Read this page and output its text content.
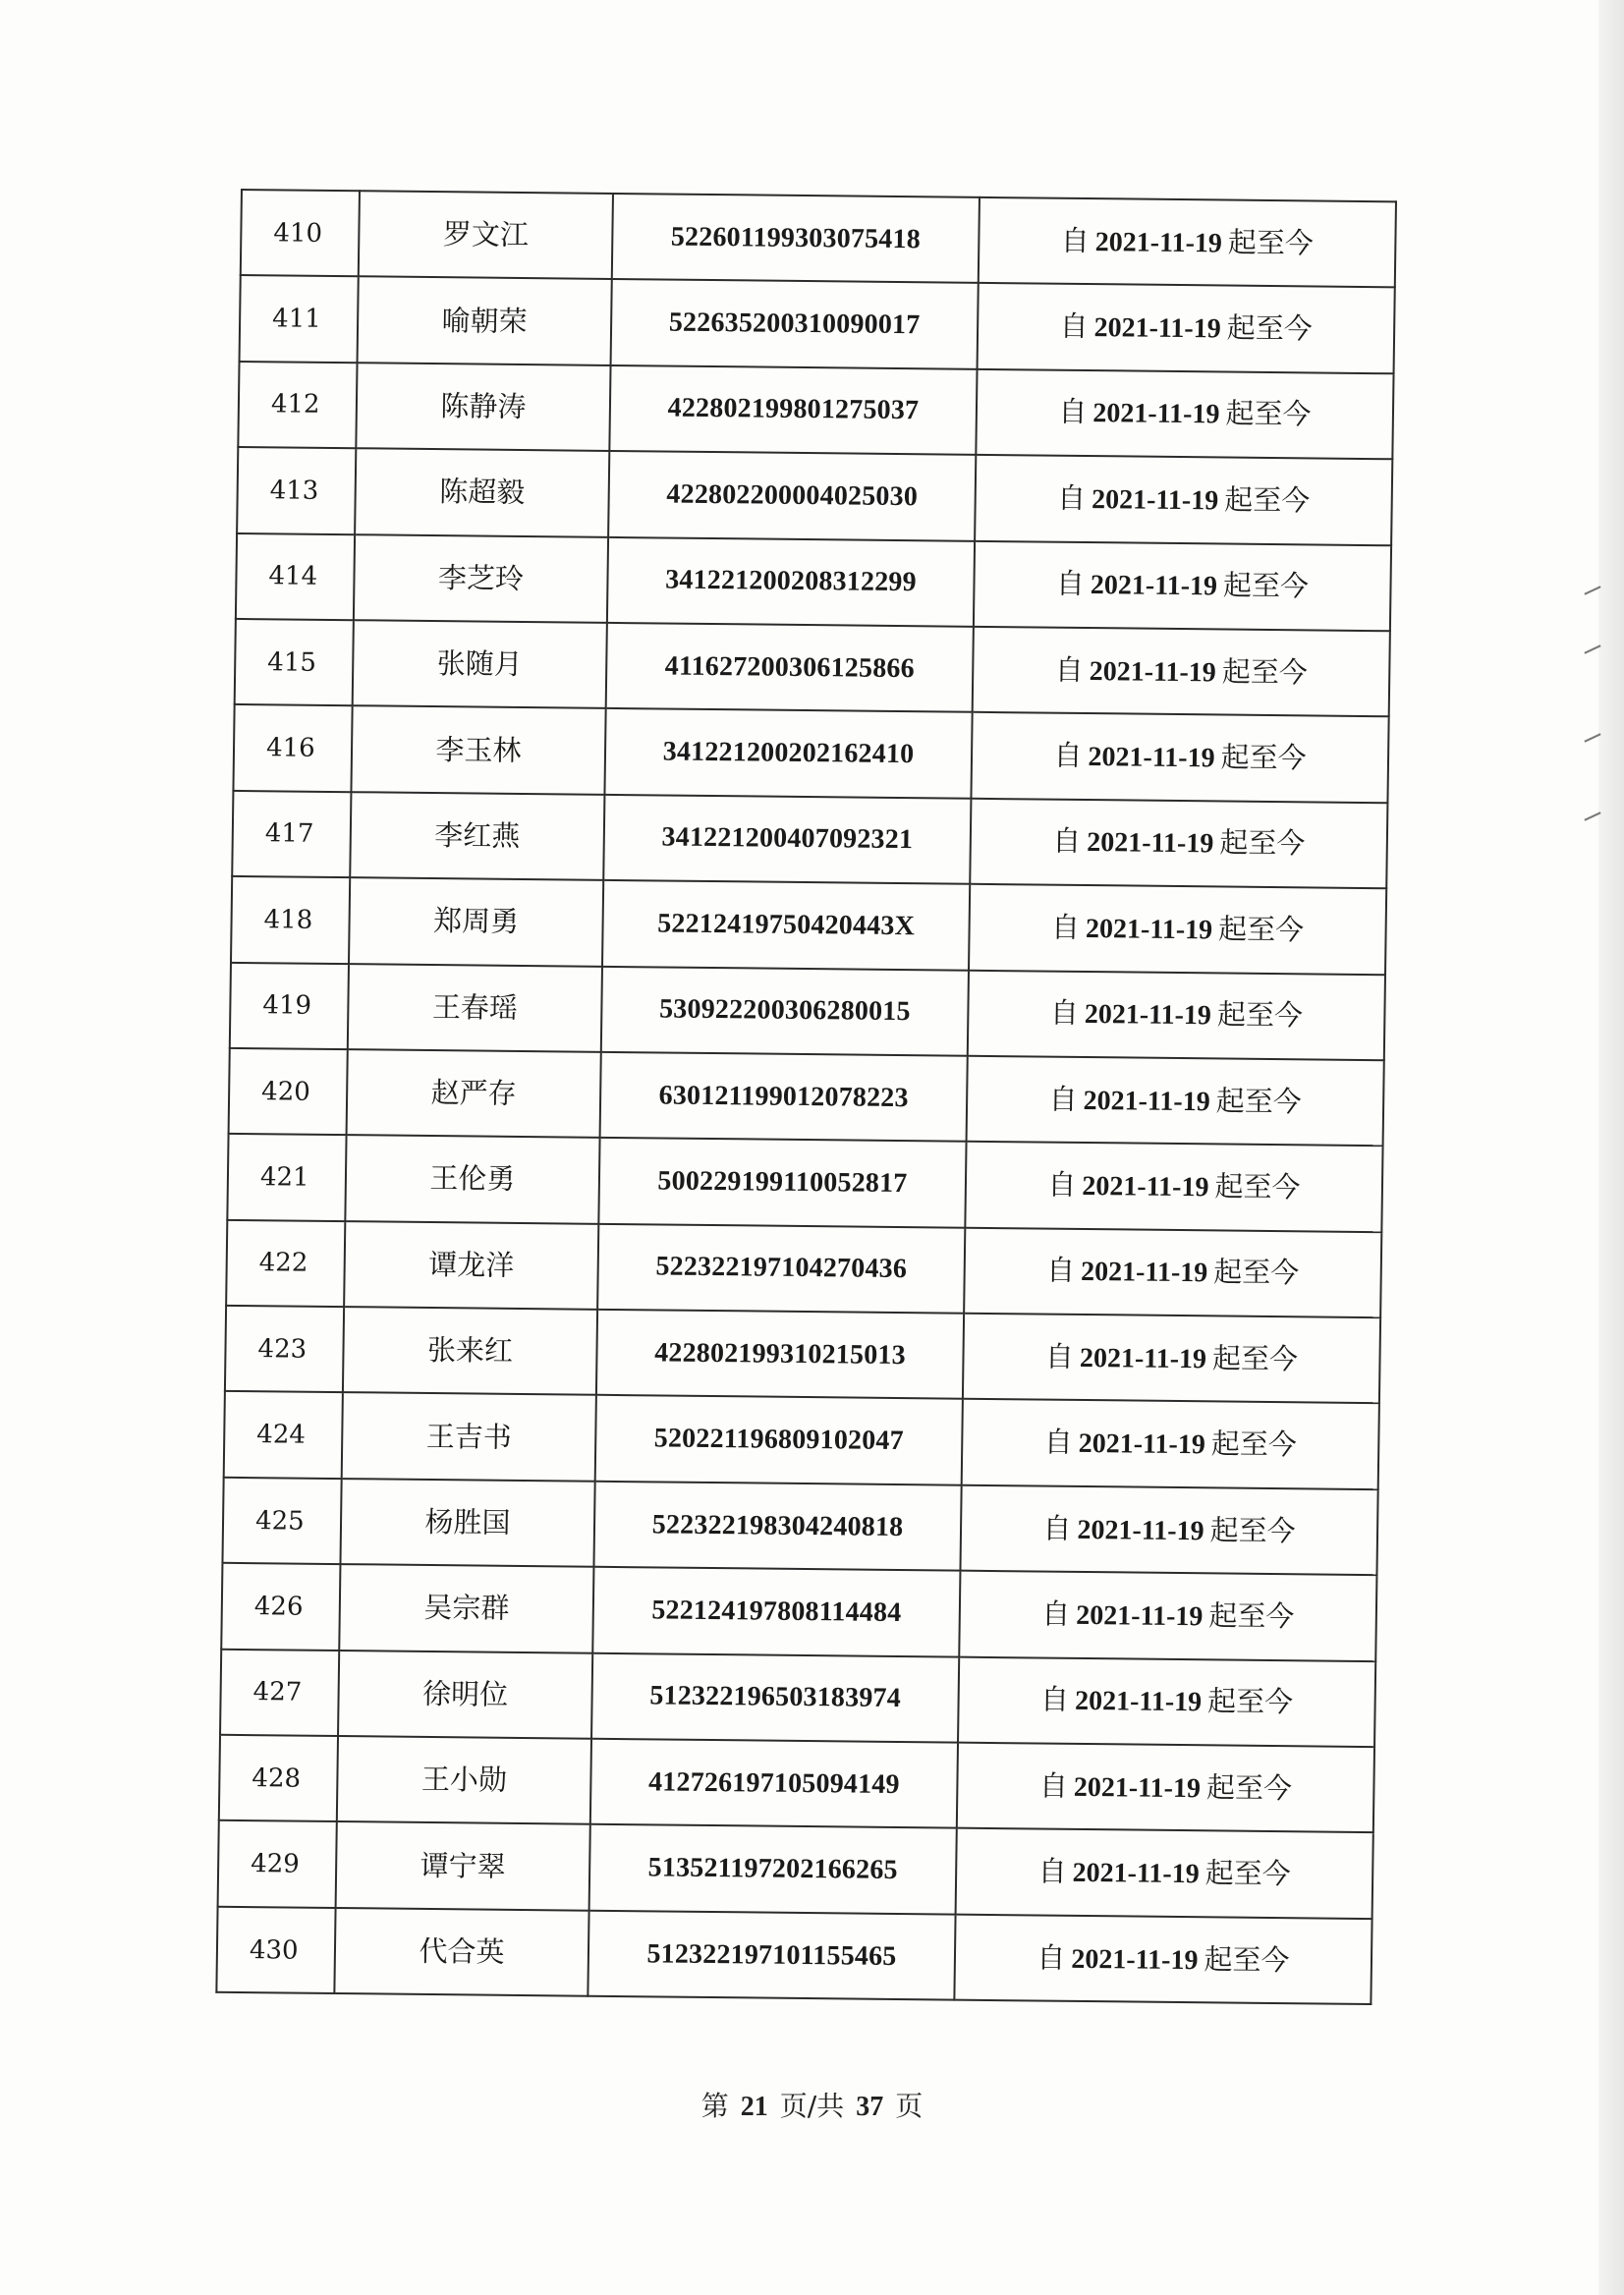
410	罗文江	522601199303075418	自 2021-11-19 起至今
411	喻朝荣	522635200310090017	自 2021-11-19 起至今
412	陈静涛	422802199801275037	自 2021-11-19 起至今
413	陈超毅	422802200004025030	自 2021-11-19 起至今
414	李芝玲	341221200208312299	自 2021-11-19 起至今
415	张随月	411627200306125866	自 2021-11-19 起至今
416	李玉林	341221200202162410	自 2021-11-19 起至今
417	李红燕	341221200407092321	自 2021-11-19 起至今
418	郑周勇	52212419750420443X	自 2021-11-19 起至今
419	王春瑶	530922200306280015	自 2021-11-19 起至今
420	赵严存	630121199012078223	自 2021-11-19 起至今
421	王伦勇	500229199110052817	自 2021-11-19 起至今
422	谭龙洋	522322197104270436	自 2021-11-19 起至今
423	张来红	422802199310215013	自 2021-11-19 起至今
424	王吉书	520221196809102047	自 2021-11-19 起至今
425	杨胜国	522322198304240818	自 2021-11-19 起至今
426	吴宗群	522124197808114484	自 2021-11-19 起至今
427	徐明位	512322196503183974	自 2021-11-19 起至今
428	王小勋	412726197105094149	自 2021-11-19 起至今
429	谭宁翠	513521197202166265	自 2021-11-19 起至今
430	代合英	512322197101155465	自 2021-11-19 起至今
第 21 页/共 37 页
